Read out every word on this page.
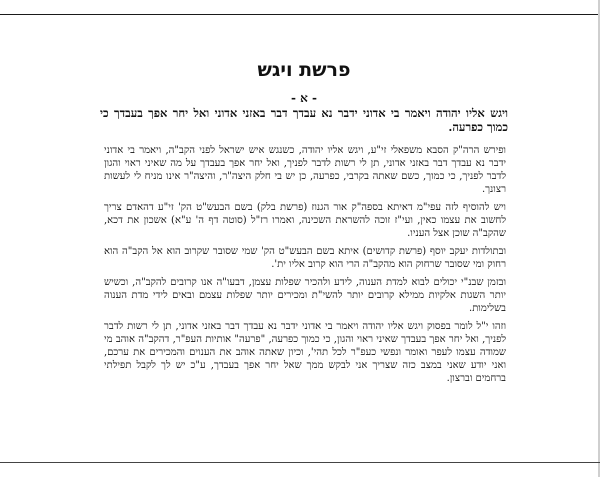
פרשת ויגש
- א -
ויגש אליו יהודה ויאמר בי אדוני ידבר נא עבדך דבר באזני אדוני ואל יחר אפך בעבדך כי כמוך כפרעה.

ופירש הרה"ק הסבא משפאלי זי"ע, ויגש אליו יהודה, כשנגש איש ישראל לפני הקב"ה, ויאמר בי אדוני ידבר נא עבדך דבר באזני אדוני, תן לי רשות לדבר לפניך, ואל יחר אפך בעבדך על מה שאיני ראוי והגון לדבר לפניך, כי כמוך, כשם שאתה בקרבי, כפרעה, כן יש בי חלק היצה"ר, והיצה"ר אינו מניח לי לעשות רצונך.

ויש להוסיף לזה עפי"מ דאיתא בספה"ק אור הגנוז (פרשת בלק) בשם הבעש"ט הק' זי"ע דהאדם צריך לחשוב את עצמו כאין, ועי"ז זוכה להשראת השכינה, ואמרו רז"ל (סוטה דף ה' ע"א) אשכון את דכא, שהקב"ה שוכן אצל העניו.

ובתולדות יעקב יוסף (פרשת קדושים) איתא בשם הבעש"ט הק' שמי שסובר שקרוב הוא אל הקב"ה הוא רחוק ומי שסובר שרחוק הוא מהקב"ה הרי הוא קרוב אליו ית'.

ובזמן שבנ"י יכולים לבוא למדת הענוה, לידע ולהכיר שפלות עצמן, דבעו"ה אנו קרובים להקב"ה, וכשיש יותר השגות אלקיות ממילא קרובים יותר להשי"ת ומכירים יותר שפלות עצמם ובאים לידי מדת הענוה בשלימות.

וזהו י"ל לומר בפסוק ויגש אליו יהודה ויאמר בי אדוני ידבר נא עבדך דבר באזני אדוני, תן לי רשות לדבר לפניך, ואל יחר אפך בעבדך שאיני ראוי והגון, כי כמוך כפרעה, "פרעה" אותיות העפ"ר, דהקב"ה אוהב מי שמודה עצמו לעפר ואומר ונפשי כעפ"ר לכל תהי', וכיון שאתה אוהב את הענוים והמכירים את ערכם, ואני יודע שאני במצב כזה שצריך אני לבקש ממך שאל יחר אפך בעבדך, ע"כ יש לך לקבל תפילתי ברחמים וברצון.
